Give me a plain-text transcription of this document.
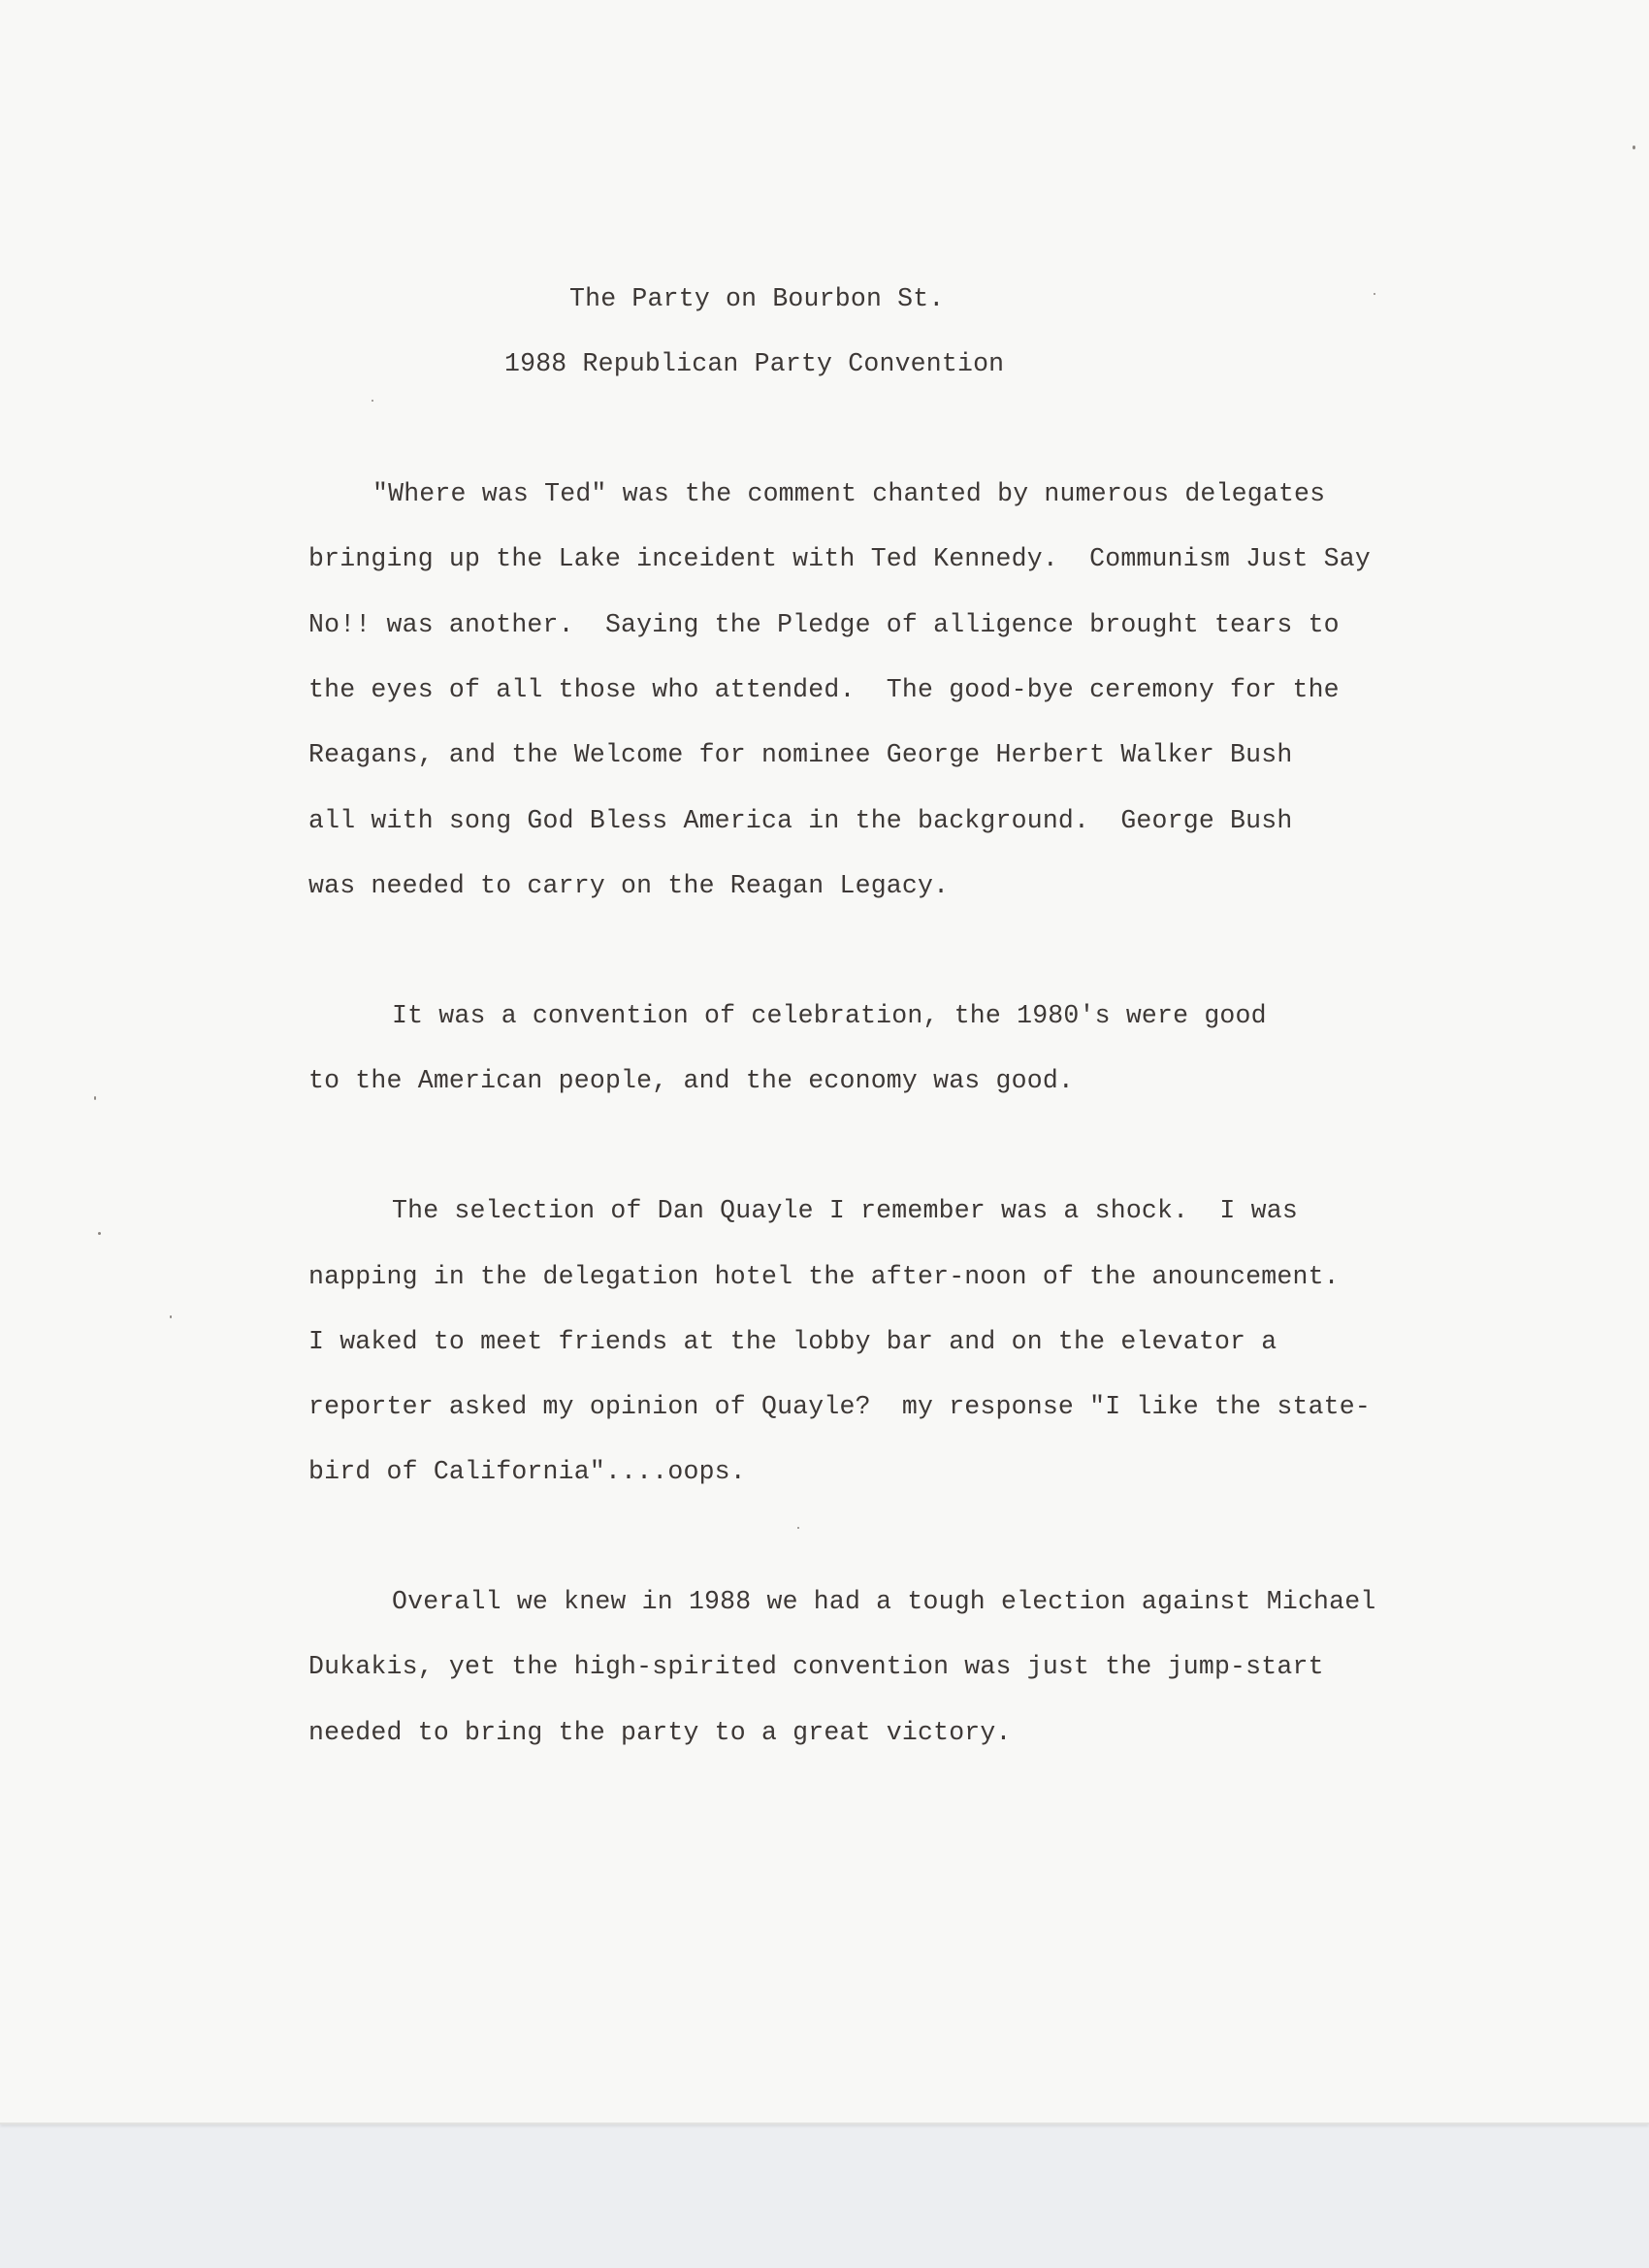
The Party on Bourbon St.

1988 Republican Party Convention

"Where was Ted" was the comment chanted by numerous delegates

bringing up the Lake inceident with Ted Kennedy.  Communism Just Say

No!! was another.  Saying the Pledge of alligence brought tears to

the eyes of all those who attended.  The good-bye ceremony for the

Reagans, and the Welcome for nominee George Herbert Walker Bush

all with song God Bless America in the background.  George Bush

was needed to carry on the Reagan Legacy.

It was a convention of celebration, the 1980's were good

to the American people, and the economy was good.

The selection of Dan Quayle I remember was a shock.  I was

napping in the delegation hotel the after-noon of the anouncement.

I waked to meet friends at the lobby bar and on the elevator a

reporter asked my opinion of Quayle?  my response "I like the state-

bird of California"....oops.

Overall we knew in 1988 we had a tough election against Michael

Dukakis, yet the high-spirited convention was just the jump-start

needed to bring the party to a great victory.
